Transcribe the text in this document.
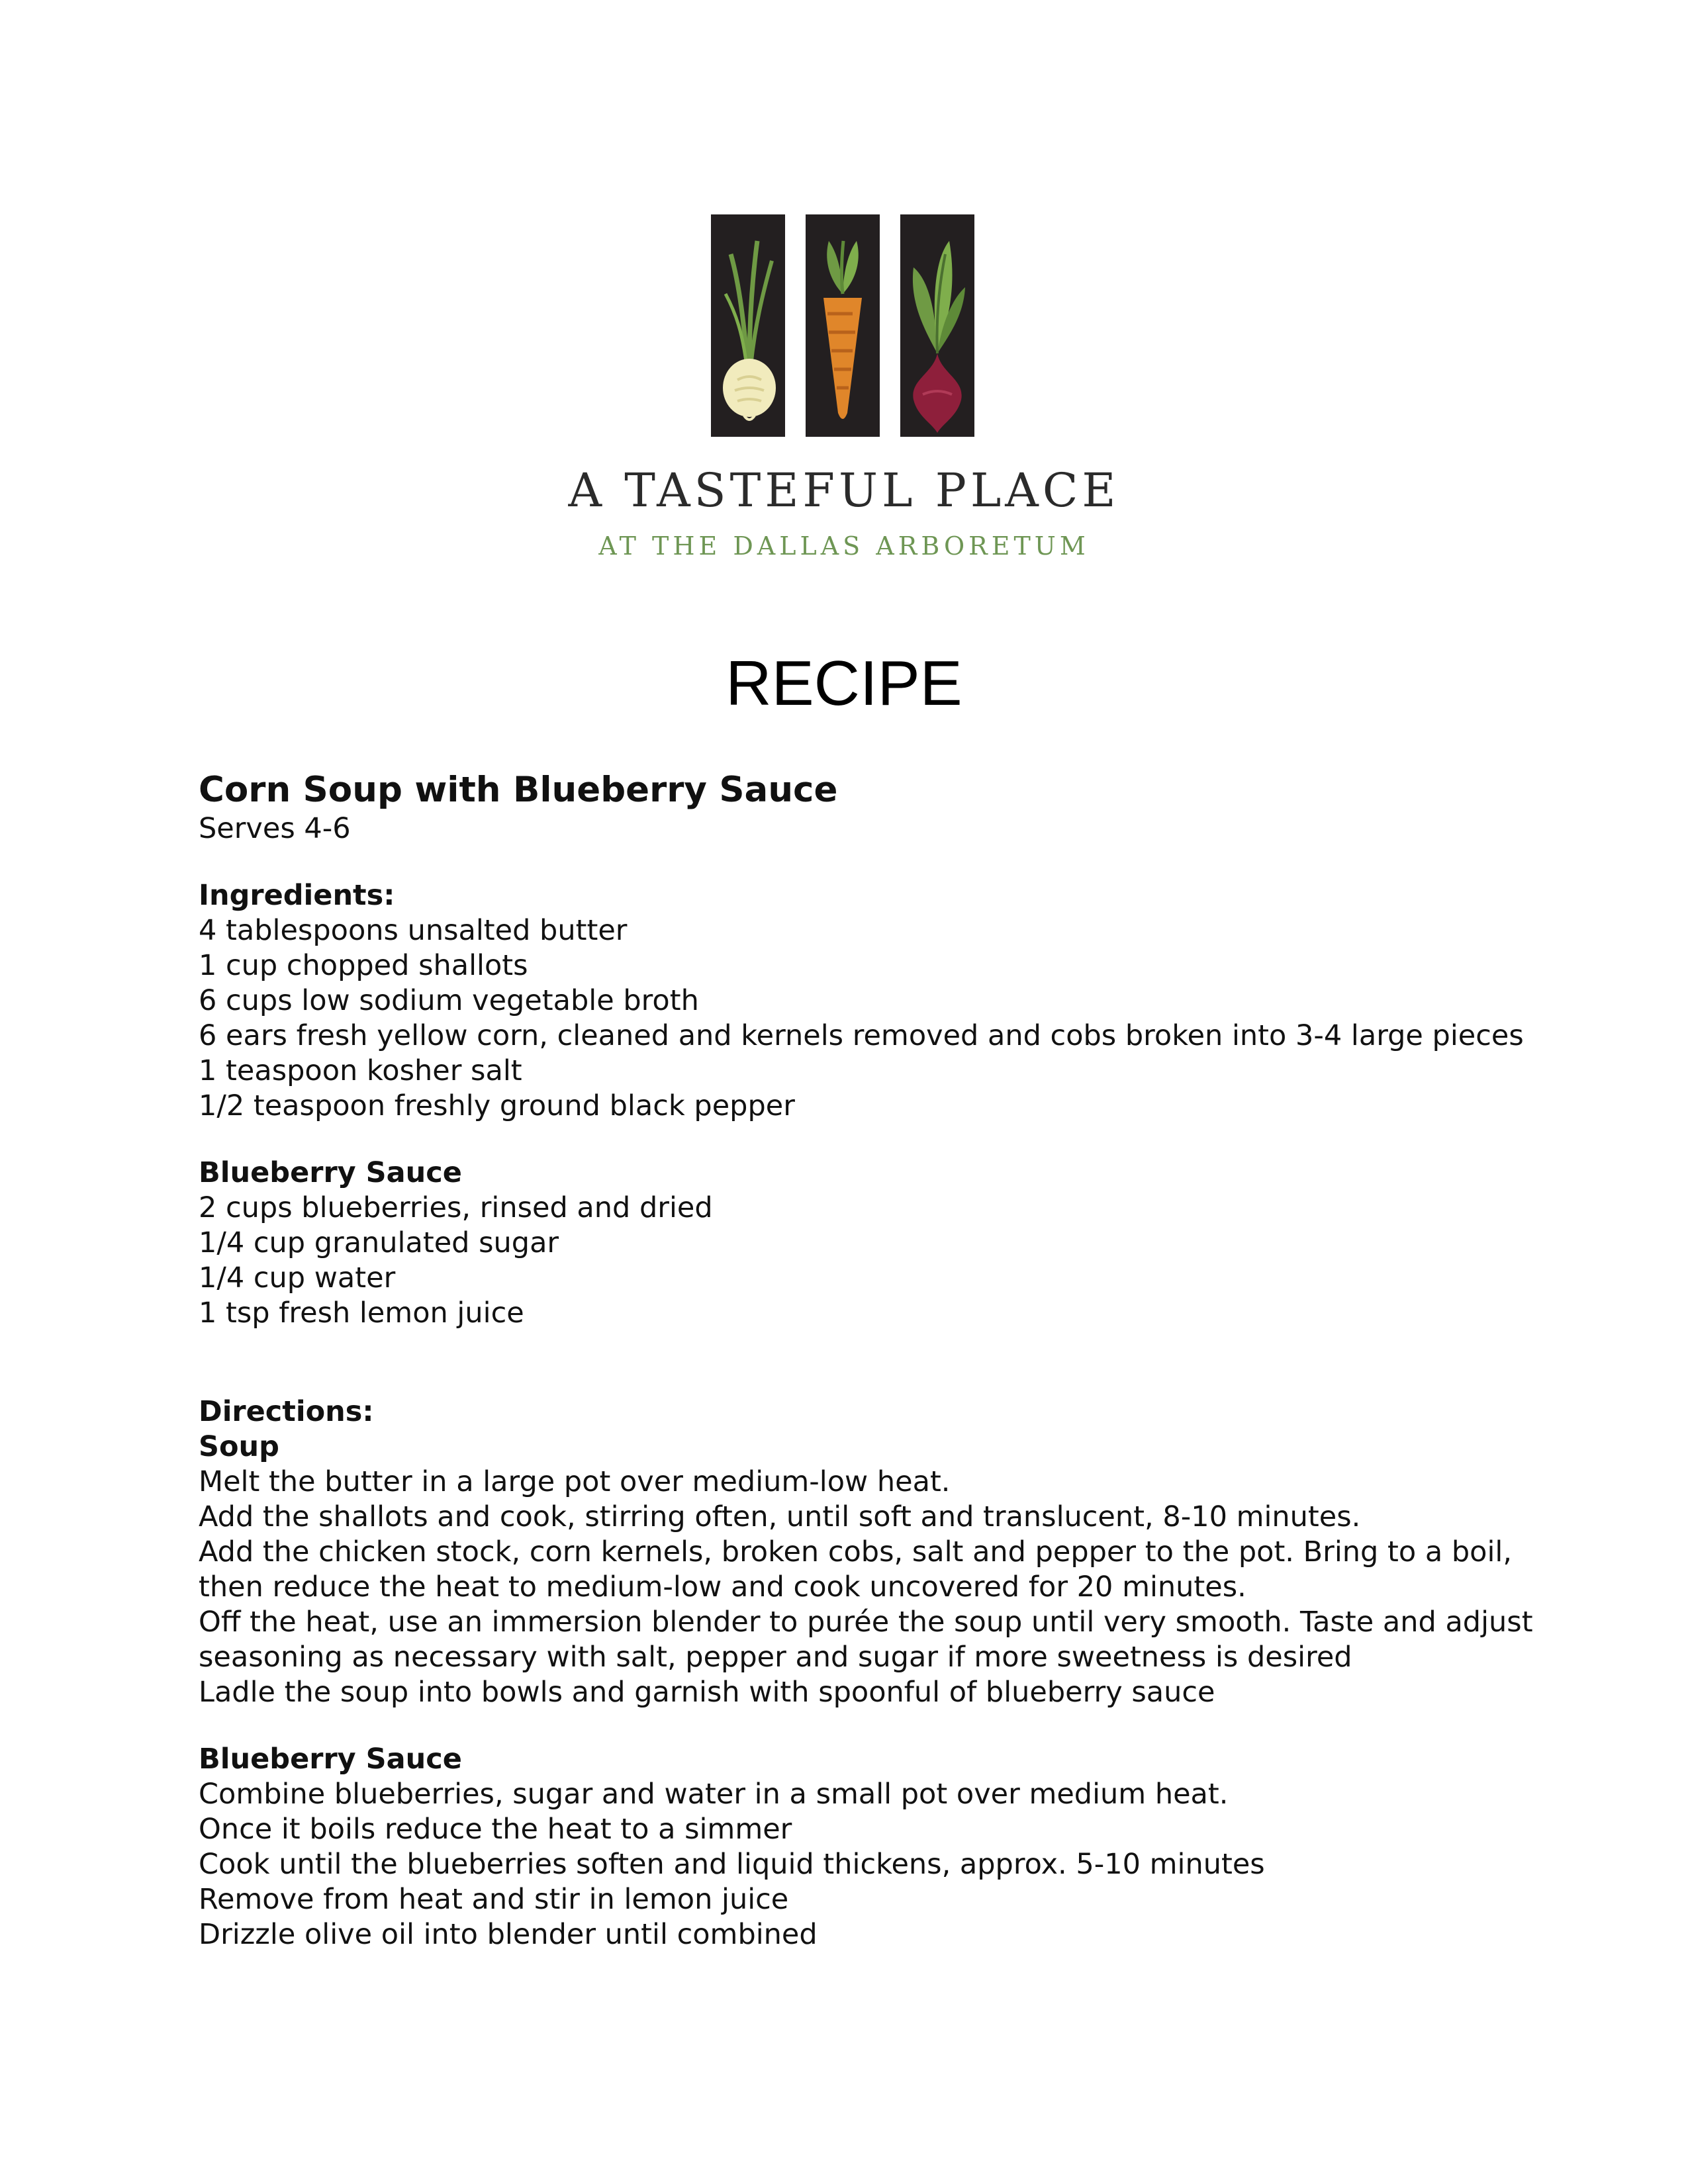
A TASTEFUL PLACE
AT THE DALLAS ARBORETUM
RECIPE
Corn Soup with Blueberry Sauce
Serves 4-6
Ingredients:
4 tablespoons unsalted butter
1 cup chopped shallots
6 cups low sodium vegetable broth
6 ears fresh yellow corn, cleaned and kernels removed and cobs broken into 3-4 large pieces
1 teaspoon kosher salt
1/2 teaspoon freshly ground black pepper
Blueberry Sauce
2 cups blueberries, rinsed and dried
1/4 cup granulated sugar
1/4 cup water
1 tsp fresh lemon juice
Directions:
Soup
Melt the butter in a large pot over medium-low heat.
Add the shallots and cook, stirring often, until soft and translucent, 8-10 minutes.
Add the chicken stock, corn kernels, broken cobs, salt and pepper to the pot. Bring to a boil,
then reduce the heat to medium-low and cook uncovered for 20 minutes.
Off the heat, use an immersion blender to purée the soup until very smooth. Taste and adjust
seasoning as necessary with salt, pepper and sugar if more sweetness is desired
Ladle the soup into bowls and garnish with spoonful of blueberry sauce
Blueberry Sauce
Combine blueberries, sugar and water in a small pot over medium heat.
Once it boils reduce the heat to a simmer
Cook until the blueberries soften and liquid thickens, approx. 5-10 minutes
Remove from heat and stir in lemon juice
Drizzle olive oil into blender until combined
